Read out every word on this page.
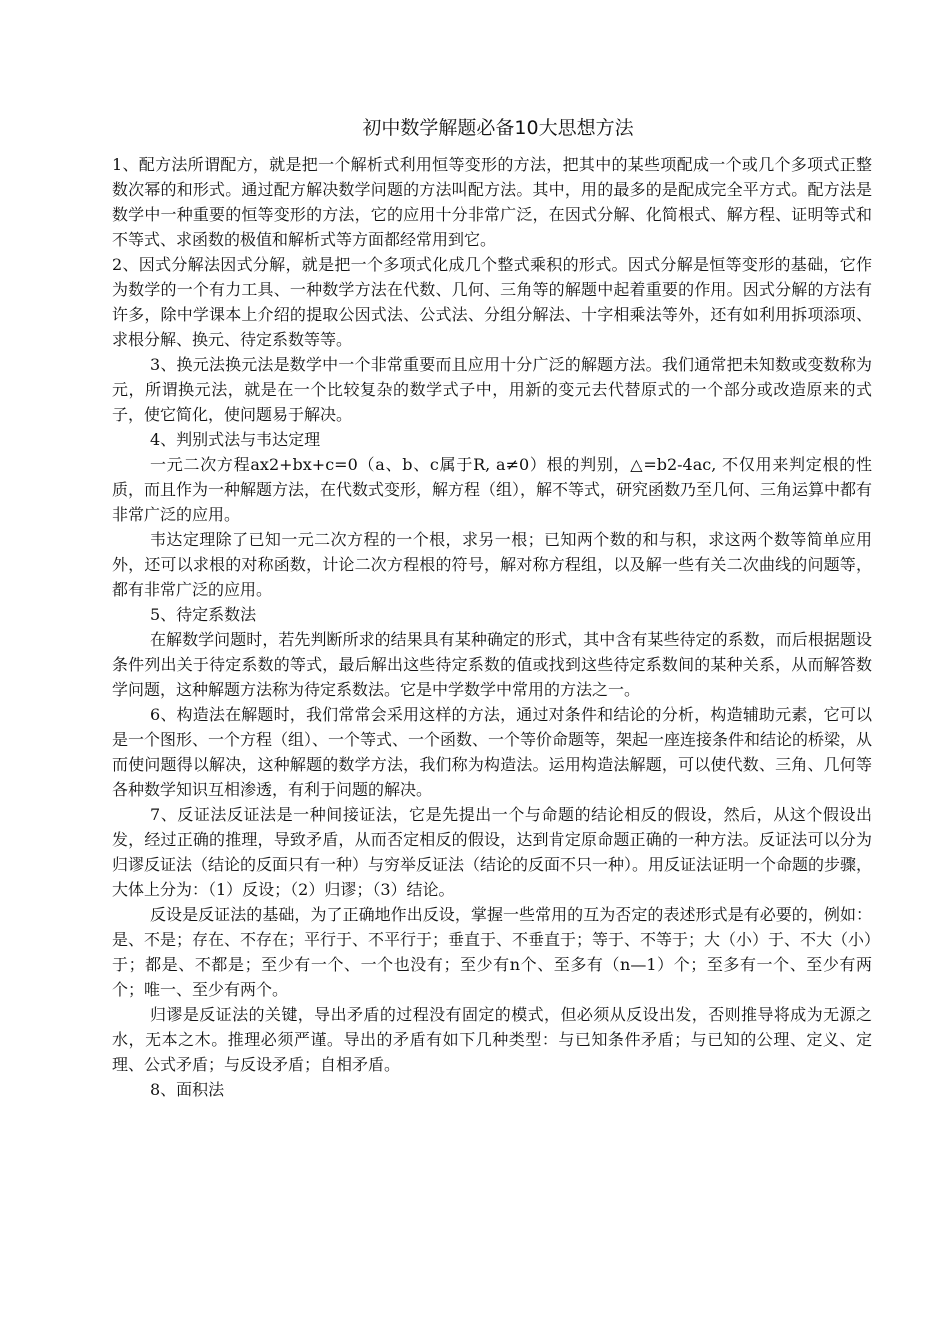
初中数学解题必备10大思想方法

1、配方法所谓配方，就是把一个解析式利用恒等变形的方法，把其中的某些项配成一个或几个多项式正整数次幂的和形式。通过配方解决数学问题的方法叫配方法。其中，用的最多的是配成完全平方式。配方法是数学中一种重要的恒等变形的方法，它的应用十分非常广泛，在因式分解、化简根式、解方程、证明等式和不等式、求函数的极值和解析式等方面都经常用到它。

2、因式分解法因式分解，就是把一个多项式化成几个整式乘积的形式。因式分解是恒等变形的基础，它作为数学的一个有力工具、一种数学方法在代数、几何、三角等的解题中起着重要的作用。因式分解的方法有许多，除中学课本上介绍的提取公因式法、公式法、分组分解法、十字相乘法等外，还有如利用拆项添项、求根分解、换元、待定系数等等。

3、换元法换元法是数学中一个非常重要而且应用十分广泛的解题方法。我们通常把未知数或变数称为元，所谓换元法，就是在一个比较复杂的数学式子中，用新的变元去代替原式的一个部分或改造原来的式子，使它简化，使问题易于解决。

4、判别式法与韦达定理

一元二次方程ax2+bx+c=0（a、b、c属于R, a≠0）根的判别，△=b2-4ac, 不仅用来判定根的性质，而且作为一种解题方法，在代数式变形，解方程（组），解不等式，研究函数乃至几何、三角运算中都有非常广泛的应用。

韦达定理除了已知一元二次方程的一个根，求另一根；已知两个数的和与积，求这两个数等简单应用外，还可以求根的对称函数，计论二次方程根的符号，解对称方程组，以及解一些有关二次曲线的问题等，都有非常广泛的应用。

5、待定系数法

在解数学问题时，若先判断所求的结果具有某种确定的形式，其中含有某些待定的系数，而后根据题设条件列出关于待定系数的等式，最后解出这些待定系数的值或找到这些待定系数间的某种关系，从而解答数学问题，这种解题方法称为待定系数法。它是中学数学中常用的方法之一。

6、构造法在解题时，我们常常会采用这样的方法，通过对条件和结论的分析，构造辅助元素，它可以是一个图形、一个方程（组）、一个等式、一个函数、一个等价命题等，架起一座连接条件和结论的桥梁，从而使问题得以解决，这种解题的数学方法，我们称为构造法。运用构造法解题，可以使代数、三角、几何等各种数学知识互相渗透，有利于问题的解决。

7、反证法反证法是一种间接证法，它是先提出一个与命题的结论相反的假设，然后，从这个假设出发，经过正确的推理，导致矛盾，从而否定相反的假设，达到肯定原命题正确的一种方法。反证法可以分为归谬反证法（结论的反面只有一种）与穷举反证法（结论的反面不只一种）。用反证法证明一个命题的步骤，大体上分为：（1）反设；（2）归谬；（3）结论。

反设是反证法的基础，为了正确地作出反设，掌握一些常用的互为否定的表述形式是有必要的，例如：是、不是；存在、不存在；平行于、不平行于；垂直于、不垂直于；等于、不等于；大（小）于、不大（小）于；都是、不都是；至少有一个、一个也没有；至少有n个、至多有（n—1）个；至多有一个、至少有两个；唯一、至少有两个。

归谬是反证法的关键，导出矛盾的过程没有固定的模式，但必须从反设出发，否则推导将成为无源之水，无本之木。推理必须严谨。导出的矛盾有如下几种类型：与已知条件矛盾；与已知的公理、定义、定理、公式矛盾；与反设矛盾；自相矛盾。

8、面积法
